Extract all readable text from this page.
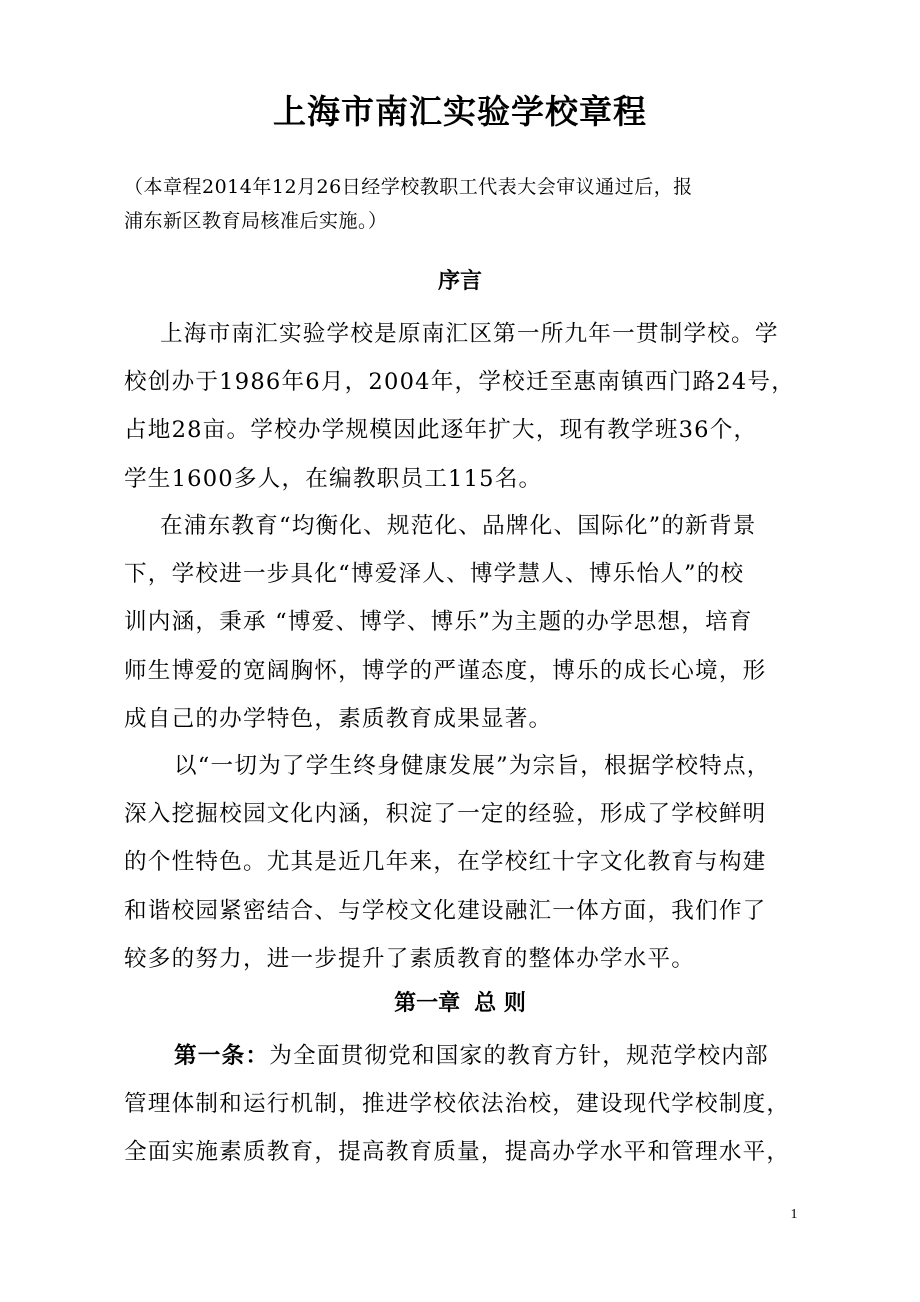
上海市南汇实验学校章程
（本章程2014年12月26日经学校教职工代表大会审议通过后，报
浦东新区教育局核准后实施。）
序言
上海市南汇实验学校是原南汇区第一所九年一贯制学校。学
校创办于1986年6月，2004年，学校迁至惠南镇西门路24号，
占地28亩。学校办学规模因此逐年扩大，现有教学班36个，
学生1600多人，在编教职员工115名。
在浦东教育“均衡化、规范化、品牌化、国际化”的新背景
下，学校进一步具化“博爱泽人、博学慧人、博乐怡人”的校
训内涵，秉承 “博爱、博学、博乐”为主题的办学思想，培育
师生博爱的宽阔胸怀，博学的严谨态度，博乐的成长心境，形
成自己的办学特色，素质教育成果显著。
以“一切为了学生终身健康发展”为宗旨，根据学校特点，
深入挖掘校园文化内涵，积淀了一定的经验，形成了学校鲜明
的个性特色。尤其是近几年来，在学校红十字文化教育与构建
和谐校园紧密结合、与学校文化建设融汇一体方面，我们作了
较多的努力，进一步提升了素质教育的整体办学水平。
第一章 总 则
第一条：为全面贯彻党和国家的教育方针，规范学校内部
管理体制和运行机制，推进学校依法治校，建设现代学校制度，
全面实施素质教育，提高教育质量，提高办学水平和管理水平，
1
